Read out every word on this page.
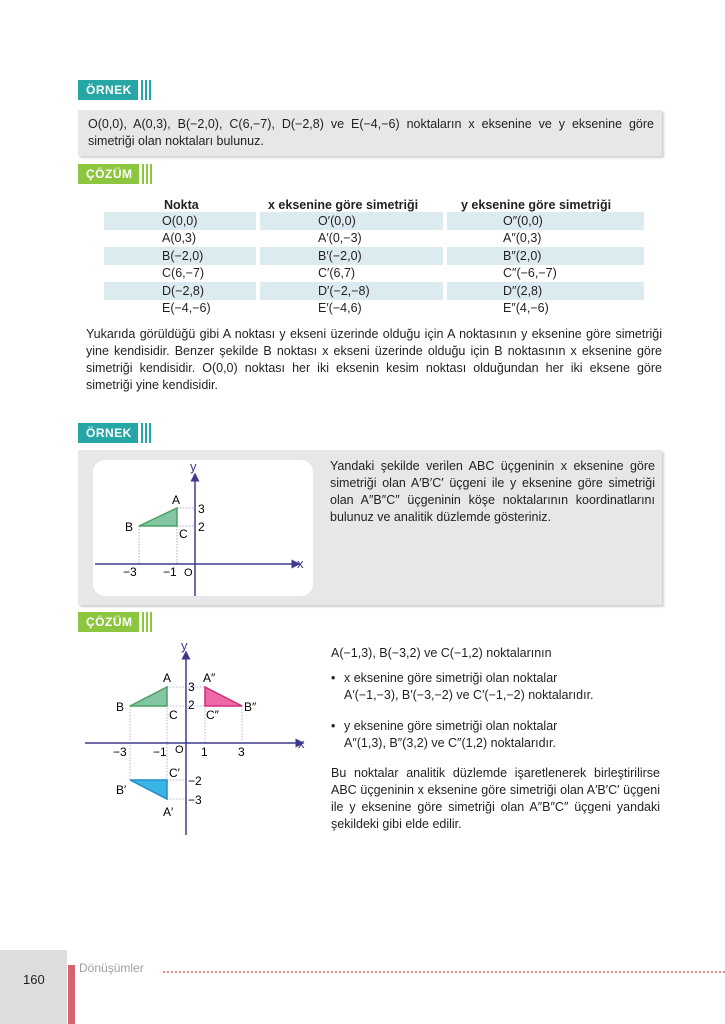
ÖRNEK
O(0,0), A(0,3), B(−2,0), C(6,−7), D(−2,8) ve E(−4,−6) noktaların x eksenine ve y eksenine göre simetriği olan noktaları bulunuz.
ÇÖZÜM
Nokta	x eksenine göre simetriği	y eksenine göre simetriği
O(0,0)	O′(0,0)	O″(0,0)
A(0,3)	A′(0,−3)	A″(0,3)
B(−2,0)	B′(−2,0)	B″(2,0)
C(6,−7)	C′(6,7)	C″(−6,−7)
D(−2,8)	D′(−2,−8)	D″(2,8)
E(−4,−6)	E′(−4,6)	E″(4,−6)
Yukarıda görüldüğü gibi A noktası y ekseni üzerinde olduğu için A noktasının y eksenine göre simetriği yine kendisidir. Benzer şekilde B noktası x ekseni üzerinde olduğu için B noktasının x eksenine göre simetriği kendisidir. O(0,0) noktası her iki eksenin kesim noktası olduğundan her iki eksene göre simetriği yine kendisidir.
ÖRNEK
y
x
A
B	C
3
2
−3 −1 O
Yandaki şekilde verilen ABC üçgeninin x eksenine göre simetriği olan A′B′C′ üçgeni ile y eksenine göre simetriği olan A″B″C″ üçgeninin köşe noktalarının koordinatlarını bulunuz ve analitik düzlemde gösteriniz.
ÇÖZÜM
y
x
A
B
C
A″
B″
C″
C′
B′
A′
3
2
−2
−3
−3 −1	1	3
O
A(−1,3), B(−3,2) ve C(−1,2) noktalarının
• x eksenine göre simetriği olan noktalar
A′(−1,−3), B′(−3,−2) ve C′(−1,−2) noktalarıdır.
• y eksenine göre simetriği olan noktalar
A″(1,3), B″(3,2) ve C″(1,2) noktalarıdır.
Bu noktalar analitik düzlemde işaretlenerek birleştirilirse ABC üçgeninin x eksenine göre simetriği olan A′B′C′ üçgeni ile y eksenine göre simetriği olan A″B″C″ üçgeni yandaki şekildeki gibi elde edilir.
160
Dönüşümler
